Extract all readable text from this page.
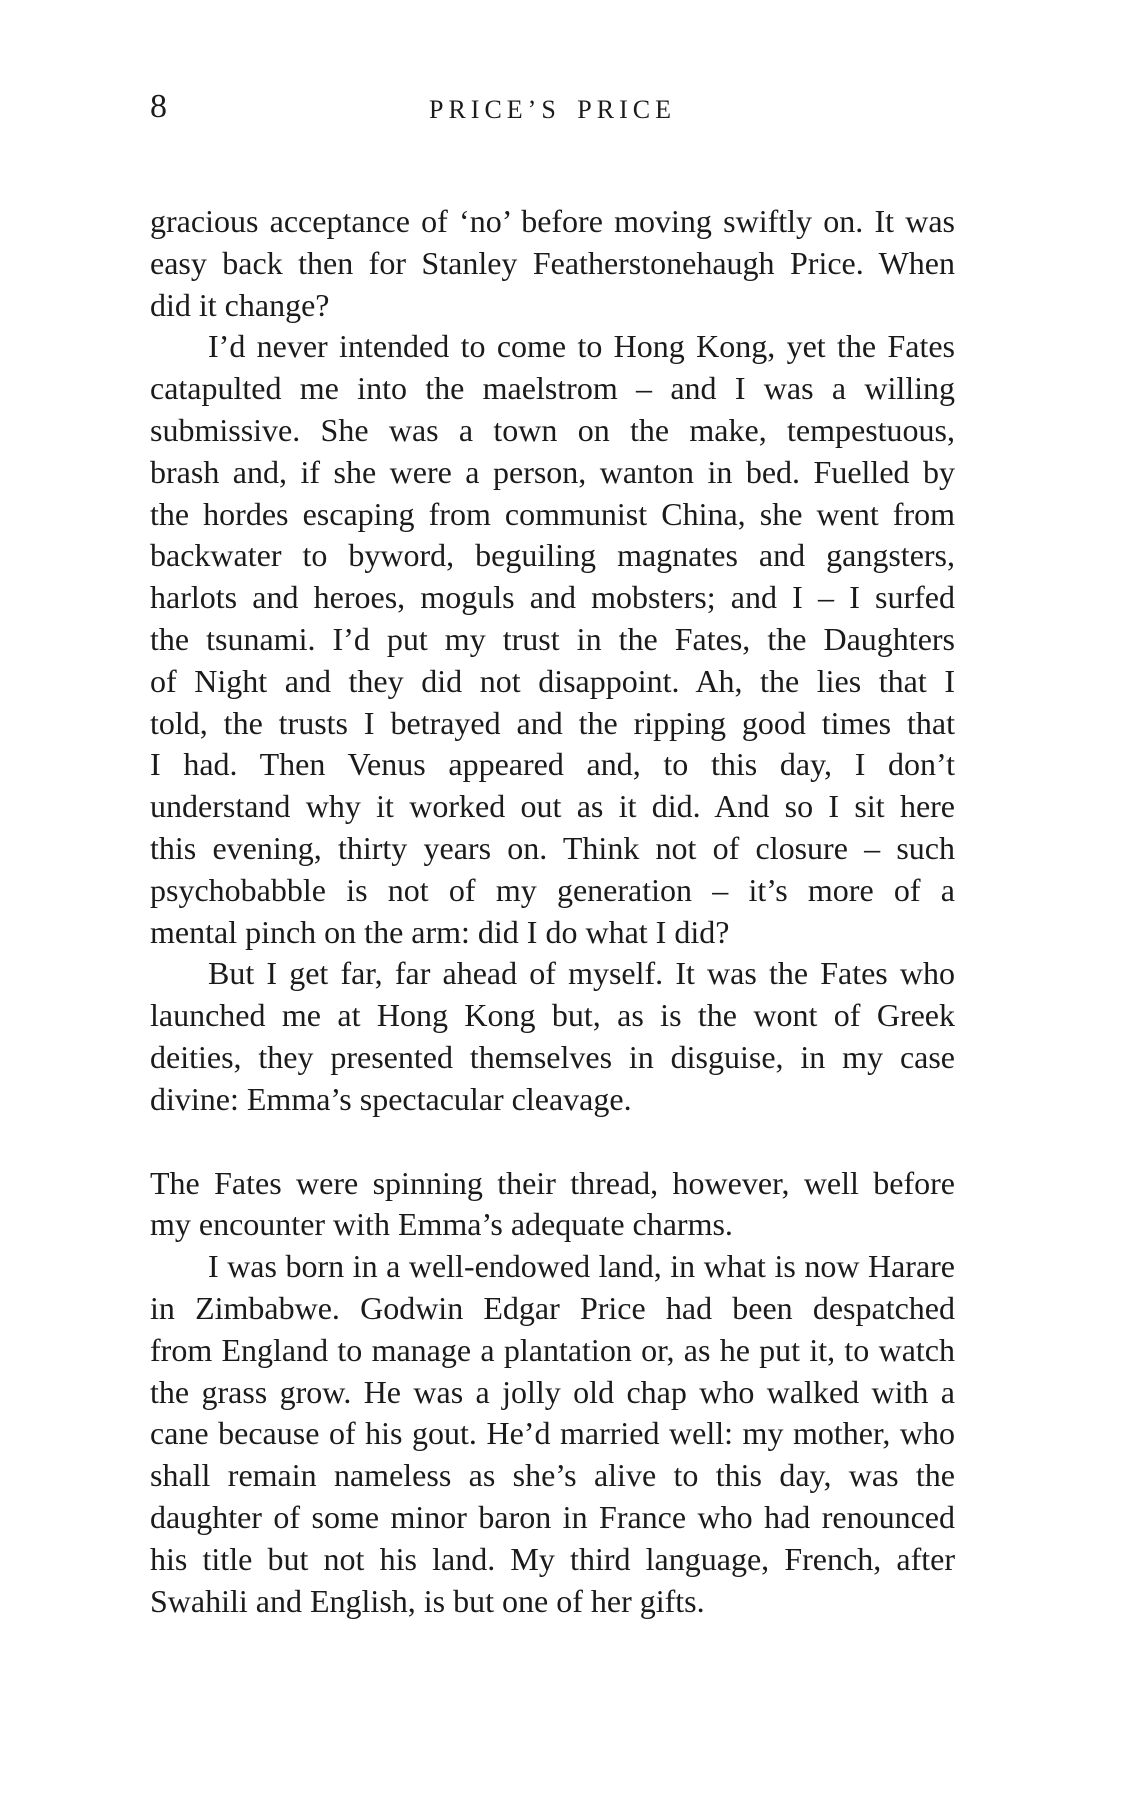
8	PRICE’S PRICE
gracious acceptance of ‘no’ before moving swiftly on. It was
easy back then for Stanley Featherstonehaugh Price. When
did it change?
I’d never intended to come to Hong Kong, yet the Fates
catapulted me into the maelstrom – and I was a willing
submissive. She was a town on the make, tempestuous,
brash and, if she were a person, wanton in bed. Fuelled by
the hordes escaping from communist China, she went from
backwater to byword, beguiling magnates and gangsters,
harlots and heroes, moguls and mobsters; and I – I surfed
the tsunami. I’d put my trust in the Fates, the Daughters
of Night and they did not disappoint. Ah, the lies that I
told, the trusts I betrayed and the ripping good times that
I had. Then Venus appeared and, to this day, I don’t
understand why it worked out as it did. And so I sit here
this evening, thirty years on. Think not of closure – such
psychobabble is not of my generation – it’s more of a
mental pinch on the arm: did I do what I did?
But I get far, far ahead of myself. It was the Fates who
launched me at Hong Kong but, as is the wont of Greek
deities, they presented themselves in disguise, in my case
divine: Emma’s spectacular cleavage.
The Fates were spinning their thread, however, well before
my encounter with Emma’s adequate charms.
I was born in a well-endowed land, in what is now Harare
in Zimbabwe. Godwin Edgar Price had been despatched
from England to manage a plantation or, as he put it, to watch
the grass grow. He was a jolly old chap who walked with a
cane because of his gout. He’d married well: my mother, who
shall remain nameless as she’s alive to this day, was the
daughter of some minor baron in France who had renounced
his title but not his land. My third language, French, after
Swahili and English, is but one of her gifts.
